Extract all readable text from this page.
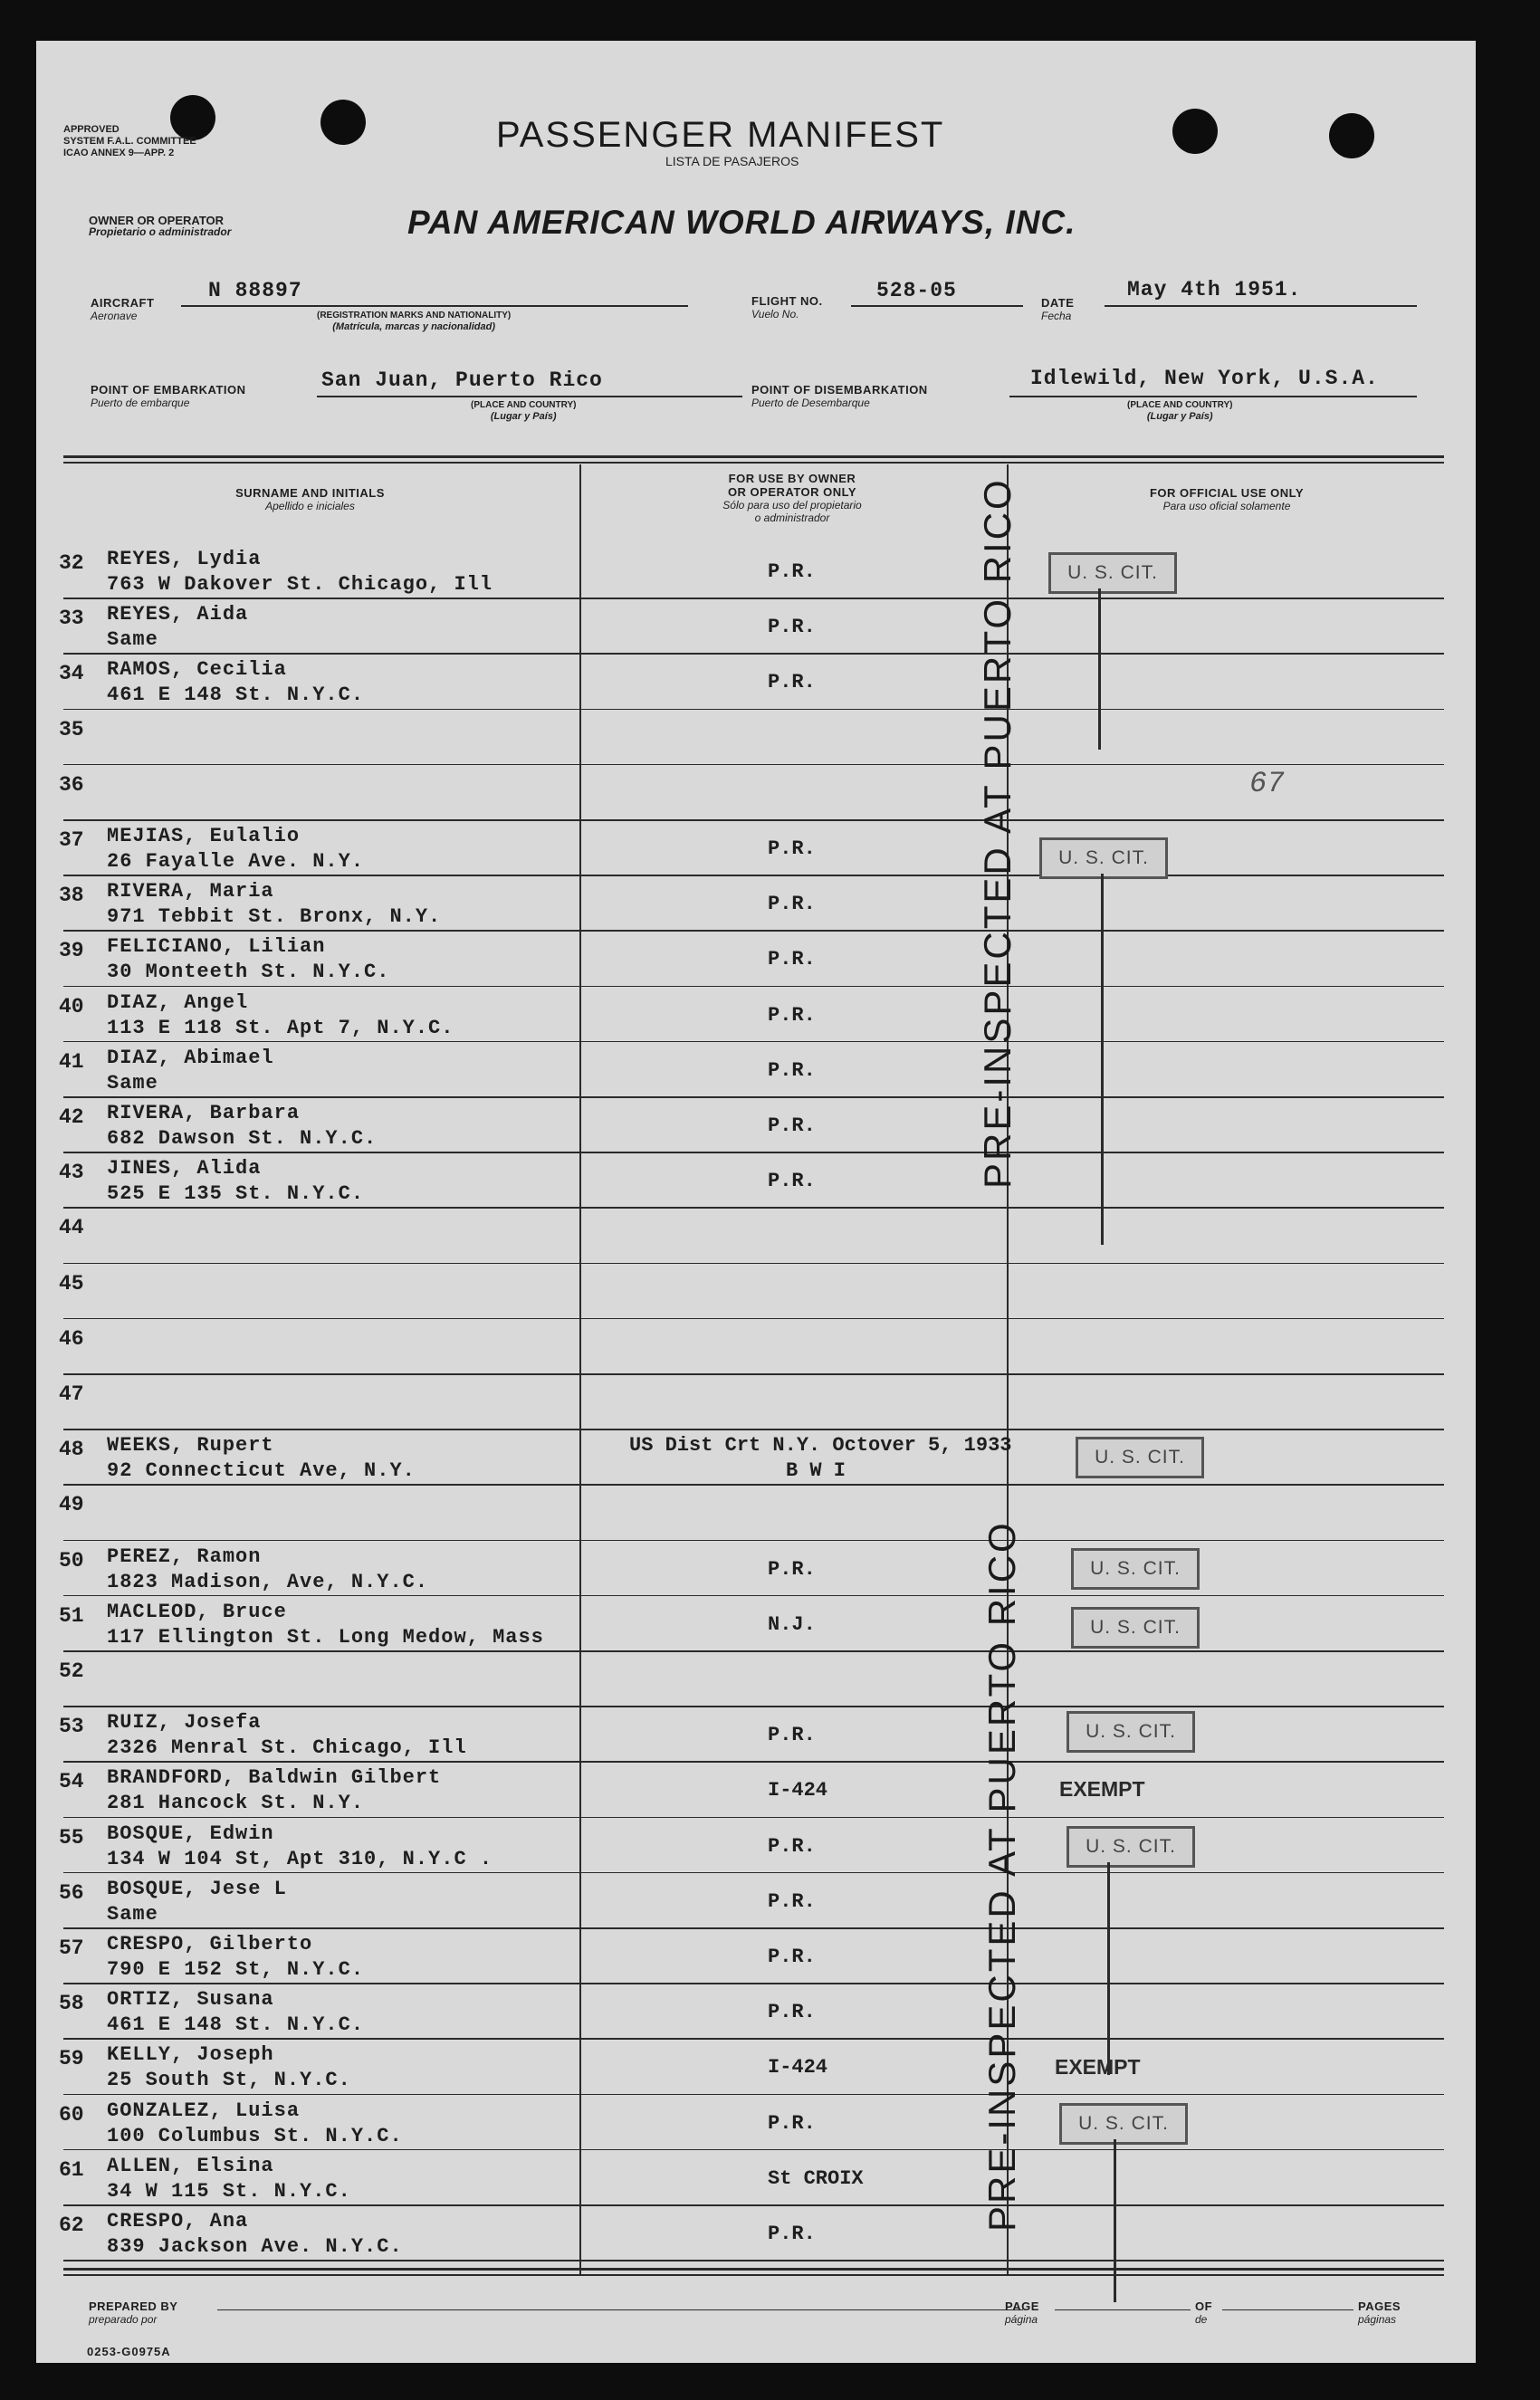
APPROVED
SYSTEM F.A.L. COMMITTEE
ICAO ANNEX 9—APP. 2	PASSENGER MANIFEST
LISTA DE PASAJEROS
OWNER OR OPERATOR
Propietario o administrador	PAN AMERICAN WORLD AIRWAYS, INC.
AIRCRAFT
Aeronave
N 88897
(REGISTRATION MARKS AND NATIONALITY)
(Matrícula, marcas y nacionalidad)
FLIGHT NO.
Vuelo No.
528-05
DATE
Fecha
May 4th 1951.
POINT OF EMBARKATION
Puerto de embarque
San Juan, Puerto Rico
(PLACE AND COUNTRY)
(Lugar y País)
POINT OF DISEMBARKATION
Puerto de Desembarque
Idlewild, New York, U.S.A.
(PLACE AND COUNTRY)
(Lugar y País)
SURNAME AND INITIALS
Apellido e iniciales
FOR USE BY OWNER
OR OPERATOR ONLY
Sólo para uso del propietario
o administrador
FOR OFFICIAL USE ONLY
Para uso oficial solamente
32 REYES, Lydia
763 W Dakover St. Chicago, Ill
P.R.
33 REYES, Aida
Same
P.R.
34 RAMOS, Cecilia
461 E 148 St. N.Y.C.
P.R.
35
36
37 MEJIAS, Eulalio
26 Fayalle Ave. N.Y.
P.R.
38 RIVERA, Maria
971 Tebbit St. Bronx, N.Y.
P.R.
39 FELICIANO, Lilian
30 Monteeth St. N.Y.C.
P.R.
40 DIAZ, Angel
113 E 118 St. Apt 7, N.Y.C.
P.R.
41 DIAZ, Abimael
Same
P.R.
42 RIVERA, Barbara
682 Dawson St. N.Y.C.
P.R.
43 JINES, Alida
525 E 135 St. N.Y.C.
P.R.
44
45
46
47
48 WEEKS, Rupert
92 Connecticut Ave, N.Y.
US Dist Crt N.Y. Octover 5, 1933
B W I
49
50 PEREZ, Ramon
1823 Madison, Ave, N.Y.C.
P.R.
51 MACLEOD, Bruce
117 Ellington St. Long Medow, Mass
N.J.
52
53 RUIZ, Josefa
2326 Menral St. Chicago, Ill
P.R.
54 BRANDFORD, Baldwin Gilbert
281 Hancock St. N.Y.
I-424
55 BOSQUE, Edwin
134 W 104 St, Apt 310, N.Y.C .
P.R.
56 BOSQUE, Jese L
Same
P.R.
57 CRESPO, Gilberto
790 E 152 St, N.Y.C.
P.R.
58 ORTIZ, Susana
461 E 148 St. N.Y.C.
P.R.
59 KELLY, Joseph
25 South St, N.Y.C.
I-424
60 GONZALEZ, Luisa
100 Columbus St. N.Y.C.
P.R.
61 ALLEN, Elsina
34 W 115 St. N.Y.C.
St CROIX
62 CRESPO, Ana
839 Jackson Ave. N.Y.C.
P.R.
U. S. CIT.
U. S. CIT.
U. S. CIT.
U. S. CIT.
U. S. CIT.
U. S. CIT.
U. S. CIT.
U. S. CIT.
EXEMPT
EXEMPT
67
PRE-INSPECTED AT PUERTO RICO
PRE-INSPECTED AT PUERTO RICO
PREPARED BY
preparado por
PAGE
página
OF
de
PAGES
páginas
0253-G0975A
